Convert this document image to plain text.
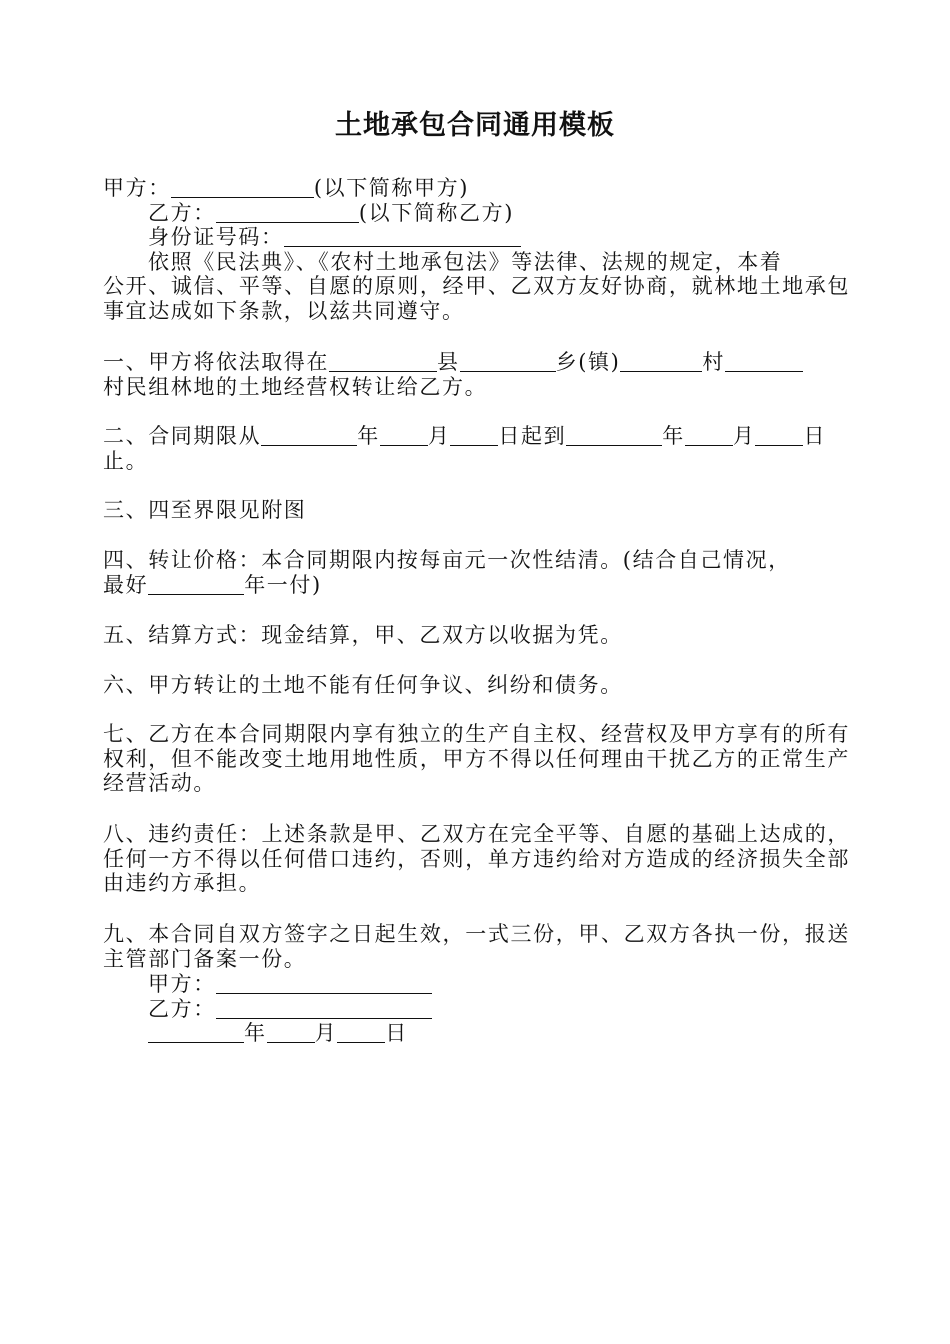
土地承包合同通用模板
甲方：	(以下简称甲方)
乙方：	(以下简称乙方)
身份证号码：
依照《民法典》、《农村土地承包法》等法律、法规的规定，本着
公开、诚信、平等、自愿的原则，经甲、乙双方友好协商，就林地土地承包事宜达成如下条款，以兹共同遵守。
一、甲方将依法取得在	县	乡(镇)	村
村民组林地的土地经营权转让给乙方。
二、合同期限从	年 月 日起到	年 月 日
止。
三、四至界限见附图
四、转让价格：本合同期限内按每亩元一次性结清。(结合自己情况，
最好	年一付)
五、结算方式：现金结算，甲、乙双方以收据为凭。
六、甲方转让的土地不能有任何争议、纠纷和债务。
七、乙方在本合同期限内享有独立的生产自主权、经营权及甲方享有的所有权利，但不能改变土地用地性质，甲方不得以任何理由干扰乙方的正常生产经营活动。
八、违约责任：上述条款是甲、乙双方在完全平等、自愿的基础上达成的，任何一方不得以任何借口违约，否则，单方违约给对方造成的经济损失全部由违约方承担。
九、本合同自双方签字之日起生效，一式三份，甲、乙双方各执一份，报送主管部门备案一份。
甲方：
乙方：
年 月 日
